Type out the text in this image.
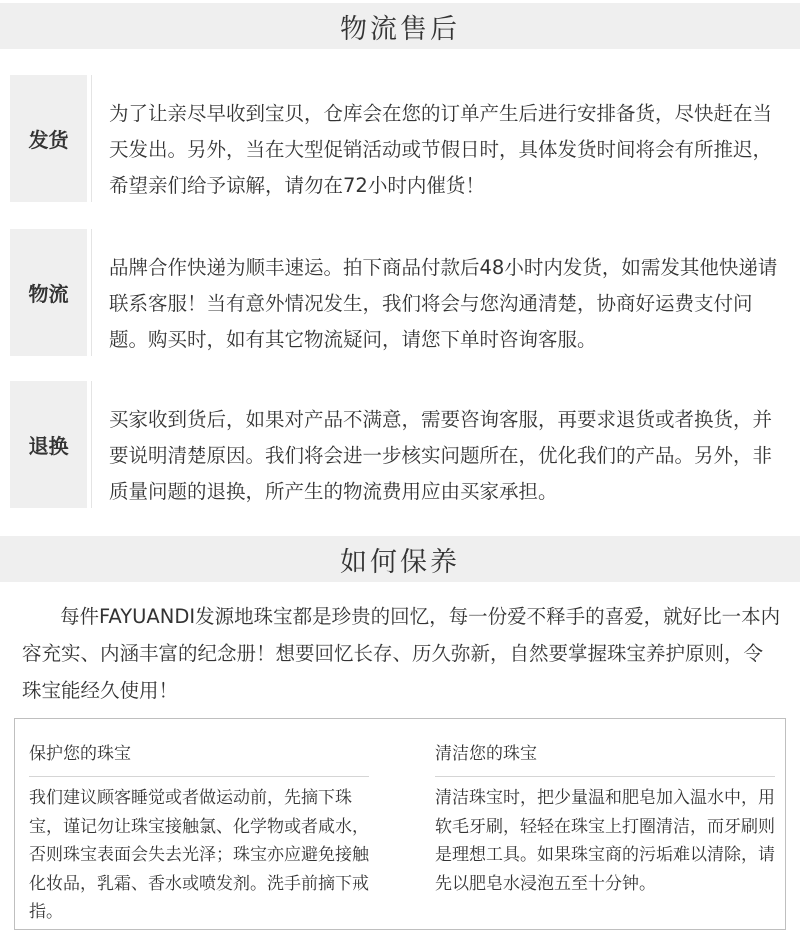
物流售后
发货
为了让亲尽早收到宝贝，仓库会在您的订单产生后进行安排备货，尽快赶在当天发出。另外，当在大型促销活动或节假日时，具体发货时间将会有所推迟，希望亲们给予谅解，请勿在72小时内催货！
物流
品牌合作快递为顺丰速运。拍下商品付款后48小时内发货，如需发其他快递请联系客服！当有意外情况发生，我们将会与您沟通清楚，协商好运费支付问题。购买时，如有其它物流疑问，请您下单时咨询客服。
退换
买家收到货后，如果对产品不满意，需要咨询客服，再要求退货或者换货，并要说明清楚原因。我们将会进一步核实问题所在，优化我们的产品。另外，非质量问题的退换，所产生的物流费用应由买家承担。
如何保养

每件FAYUANDI发源地珠宝都是珍贵的回忆，每一份爱不释手的喜爱，就好比一本内容充实、内涵丰富的纪念册！想要回忆长存、历久弥新，自然要掌握珠宝养护原则，令珠宝能经久使用！

保护您的珠宝
我们建议顾客睡觉或者做运动前，先摘下珠宝，谨记勿让珠宝接触氯、化学物或者咸水，否则珠宝表面会失去光泽；珠宝亦应避免接触化妆品，乳霜、香水或喷发剂。洗手前摘下戒指。
清洁您的珠宝
清洁珠宝时，把少量温和肥皂加入温水中，用软毛牙刷，轻轻在珠宝上打圈清洁，而牙刷则是理想工具。如果珠宝商的污垢难以清除，请先以肥皂水浸泡五至十分钟。
